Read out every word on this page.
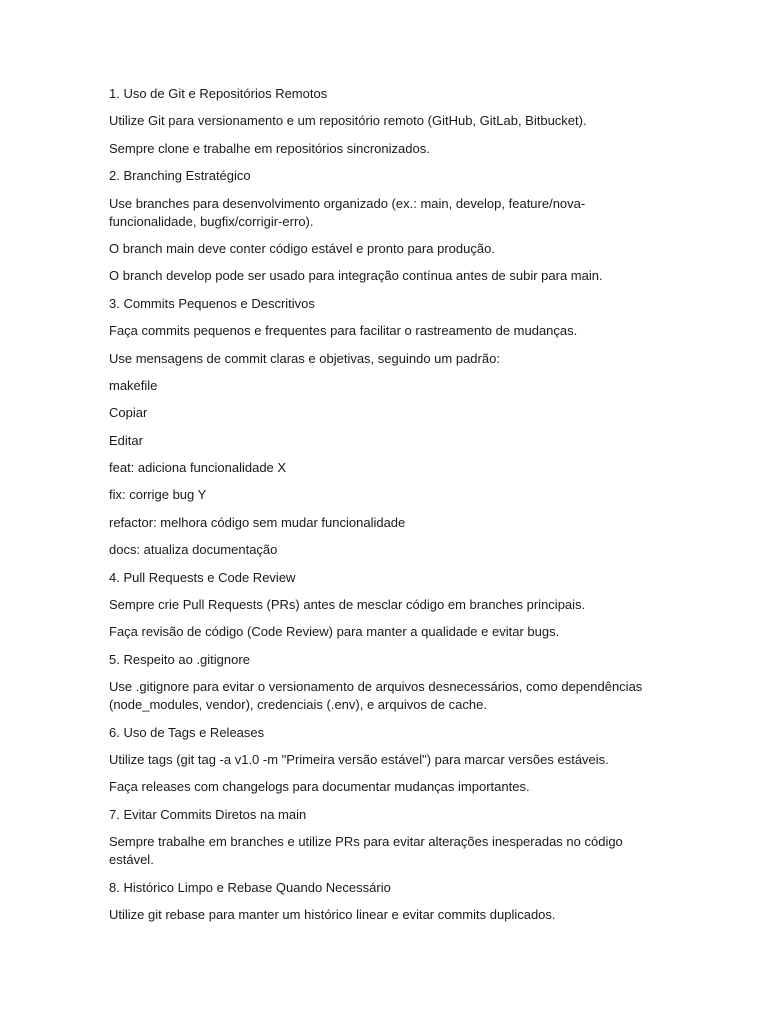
1. Uso de Git e Repositórios Remotos

Utilize Git para versionamento e um repositório remoto (GitHub, GitLab, Bitbucket).

Sempre clone e trabalhe em repositórios sincronizados.

2. Branching Estratégico

Use branches para desenvolvimento organizado (ex.: main, develop, feature/nova-funcionalidade, bugfix/corrigir-erro).

O branch main deve conter código estável e pronto para produção.

O branch develop pode ser usado para integração contínua antes de subir para main.

3. Commits Pequenos e Descritivos

Faça commits pequenos e frequentes para facilitar o rastreamento de mudanças.

Use mensagens de commit claras e objetivas, seguindo um padrão:

makefile

Copiar

Editar

feat: adiciona funcionalidade X

fix: corrige bug Y

refactor: melhora código sem mudar funcionalidade

docs: atualiza documentação

4. Pull Requests e Code Review

Sempre crie Pull Requests (PRs) antes de mesclar código em branches principais.

Faça revisão de código (Code Review) para manter a qualidade e evitar bugs.

5. Respeito ao .gitignore

Use .gitignore para evitar o versionamento de arquivos desnecessários, como dependências (node_modules, vendor), credenciais (.env), e arquivos de cache.

6. Uso de Tags e Releases

Utilize tags (git tag -a v1.0 -m "Primeira versão estável") para marcar versões estáveis.

Faça releases com changelogs para documentar mudanças importantes.

7. Evitar Commits Diretos na main

Sempre trabalhe em branches e utilize PRs para evitar alterações inesperadas no código estável.

8. Histórico Limpo e Rebase Quando Necessário

Utilize git rebase para manter um histórico linear e evitar commits duplicados.
